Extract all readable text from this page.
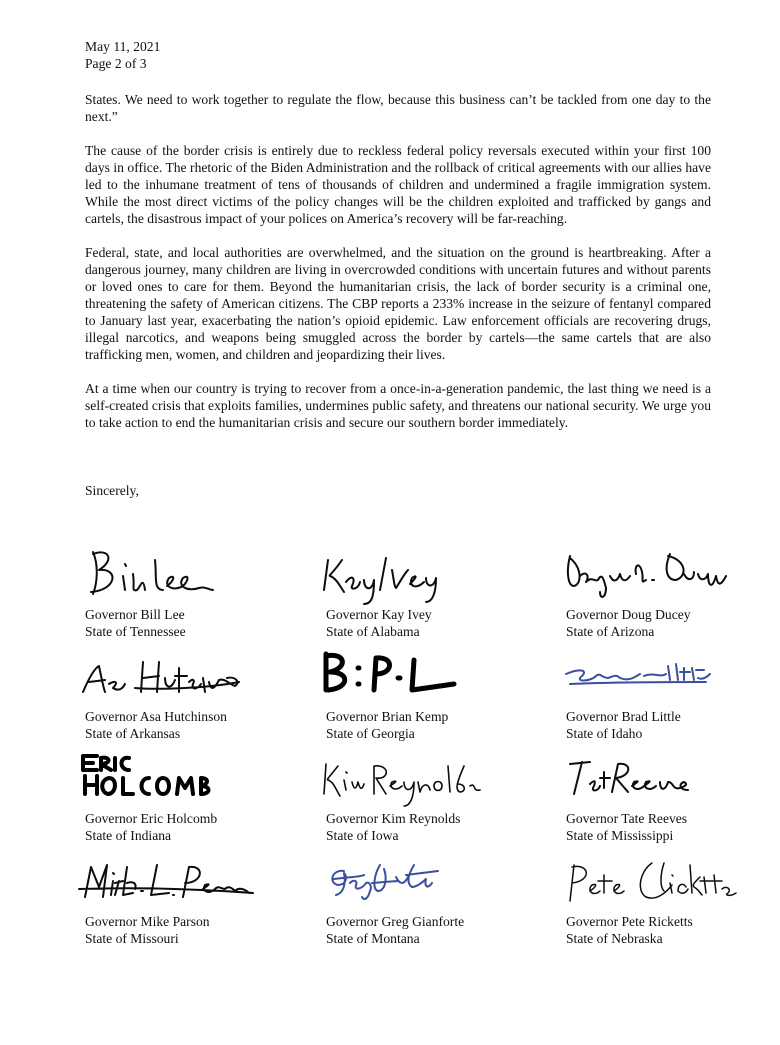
May 11, 2021
Page 2 of 3

States. We need to work together to regulate the flow, because this business can’t be tackled from one day to the next.”

The cause of the border crisis is entirely due to reckless federal policy reversals executed within your first 100 days in office. The rhetoric of the Biden Administration and the rollback of critical agreements with our allies have led to the inhumane treatment of tens of thousands of children and undermined a fragile immigration system. While the most direct victims of the policy changes will be the children exploited and trafficked by gangs and cartels, the disastrous impact of your polices on America’s recovery will be far-reaching.

Federal, state, and local authorities are overwhelmed, and the situation on the ground is heartbreaking. After a dangerous journey, many children are living in overcrowded conditions with uncertain futures and without parents or loved ones to care for them. Beyond the humanitarian crisis, the lack of border security is a criminal one, threatening the safety of American citizens. The CBP reports a 233% increase in the seizure of fentanyl compared to January last year, exacerbating the nation’s opioid epidemic. Law enforcement officials are recovering drugs, illegal narcotics, and weapons being smuggled across the border by cartels—the same cartels that are also trafficking men, women, and children and jeopardizing their lives.

At a time when our country is trying to recover from a once-in-a-generation pandemic, the last thing we need is a self-created crisis that exploits families, undermines public safety, and threatens our national security. We urge you to take action to end the humanitarian crisis and secure our southern border immediately.

Sincerely,
Governor Bill Lee
State of Tennessee
Governor Kay Ivey
State of Alabama
Governor Doug Ducey
State of Arizona
Governor Asa Hutchinson
State of Arkansas
Governor Brian Kemp
State of Georgia
Governor Brad Little
State of Idaho
Governor Eric Holcomb
State of Indiana
Governor Kim Reynolds
State of Iowa
Governor Tate Reeves
State of Mississippi
Governor Mike Parson
State of Missouri
Governor Greg Gianforte
State of Montana
Governor Pete Ricketts
State of Nebraska
